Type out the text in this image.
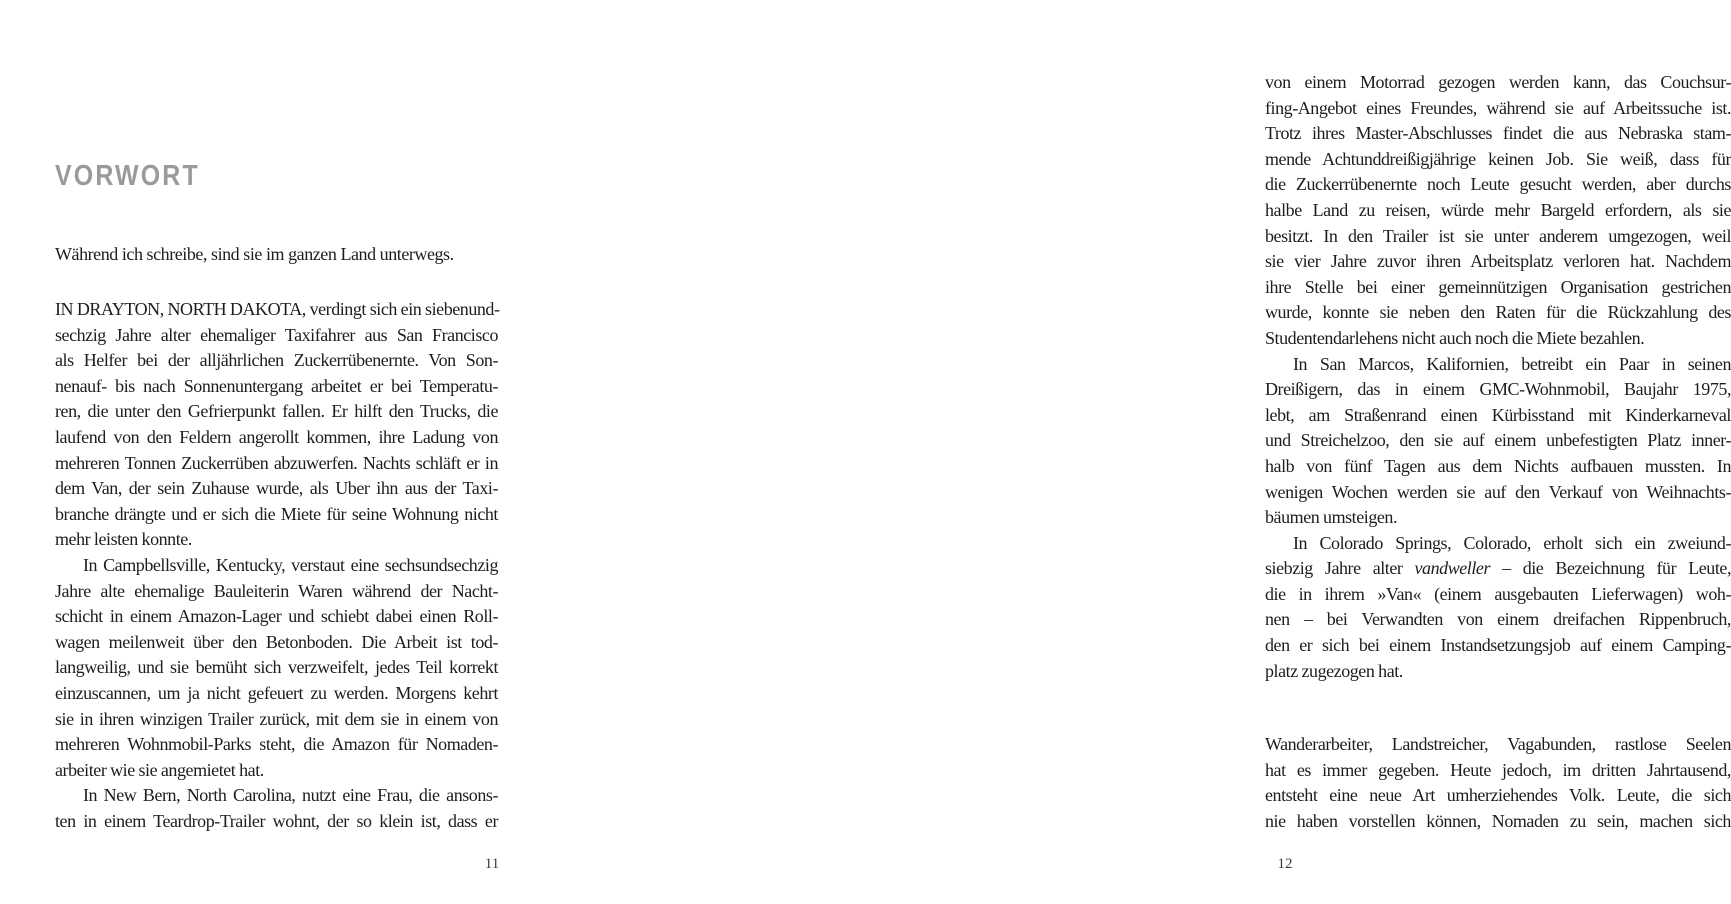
VORWORT
Während ich schreibe, sind sie im ganzen Land unterwegs.
IN DRAYTON, NORTH DAKOTA, verdingt sich ein siebenund-
sechzig Jahre alter ehemaliger Taxifahrer aus San Francisco
als Helfer bei der alljährlichen Zuckerrübenernte. Von Son-
nenauf- bis nach Sonnenuntergang arbeitet er bei Temperatu-
ren, die unter den Gefrierpunkt fallen. Er hilft den Trucks, die
laufend von den Feldern angerollt kommen, ihre Ladung von
mehreren Tonnen Zuckerrüben abzuwerfen. Nachts schläft er in
dem Van, der sein Zuhause wurde, als Uber ihn aus der Taxi-
branche drängte und er sich die Miete für seine Wohnung nicht
mehr leisten konnte.
In Campbellsville, Kentucky, verstaut eine sechsundsechzig
Jahre alte ehemalige Bauleiterin Waren während der Nacht-
schicht in einem Amazon-Lager und schiebt dabei einen Roll-
wagen meilenweit über den Betonboden. Die Arbeit ist tod-
langweilig, und sie bemüht sich verzweifelt, jedes Teil korrekt
einzuscannen, um ja nicht gefeuert zu werden. Morgens kehrt
sie in ihren winzigen Trailer zurück, mit dem sie in einem von
mehreren Wohnmobil-Parks steht, die Amazon für Nomaden-
arbeiter wie sie angemietet hat.
In New Bern, North Carolina, nutzt eine Frau, die ansons-
ten in einem Teardrop-Trailer wohnt, der so klein ist, dass er
11
von einem Motorrad gezogen werden kann, das Couchsur-
fing-Angebot eines Freundes, während sie auf Arbeitssuche ist.
Trotz ihres Master-Abschlusses findet die aus Nebraska stam-
mende Achtunddreißigjährige keinen Job. Sie weiß, dass für
die Zuckerrübenernte noch Leute gesucht werden, aber durchs
halbe Land zu reisen, würde mehr Bargeld erfordern, als sie
besitzt. In den Trailer ist sie unter anderem umgezogen, weil
sie vier Jahre zuvor ihren Arbeitsplatz verloren hat. Nachdem
ihre Stelle bei einer gemeinnützigen Organisation gestrichen
wurde, konnte sie neben den Raten für die Rückzahlung des
Studentendarlehens nicht auch noch die Miete bezahlen.
In San Marcos, Kalifornien, betreibt ein Paar in seinen
Dreißigern, das in einem GMC-Wohnmobil, Baujahr 1975,
lebt, am Straßenrand einen Kürbisstand mit Kinderkarneval
und Streichelzoo, den sie auf einem unbefestigten Platz inner-
halb von fünf Tagen aus dem Nichts aufbauen mussten. In
wenigen Wochen werden sie auf den Verkauf von Weihnachts-
bäumen umsteigen.
In Colorado Springs, Colorado, erholt sich ein zweiund-
siebzig Jahre alter vandweller – die Bezeichnung für Leute,
die in ihrem »Van« (einem ausgebauten Lieferwagen) woh-
nen – bei Verwandten von einem dreifachen Rippenbruch,
den er sich bei einem Instandsetzungsjob auf einem Camping-
platz zugezogen hat.
Wanderarbeiter, Landstreicher, Vagabunden, rastlose Seelen
hat es immer gegeben. Heute jedoch, im dritten Jahrtausend,
entsteht eine neue Art umherziehendes Volk. Leute, die sich
nie haben vorstellen können, Nomaden zu sein, machen sich
12
